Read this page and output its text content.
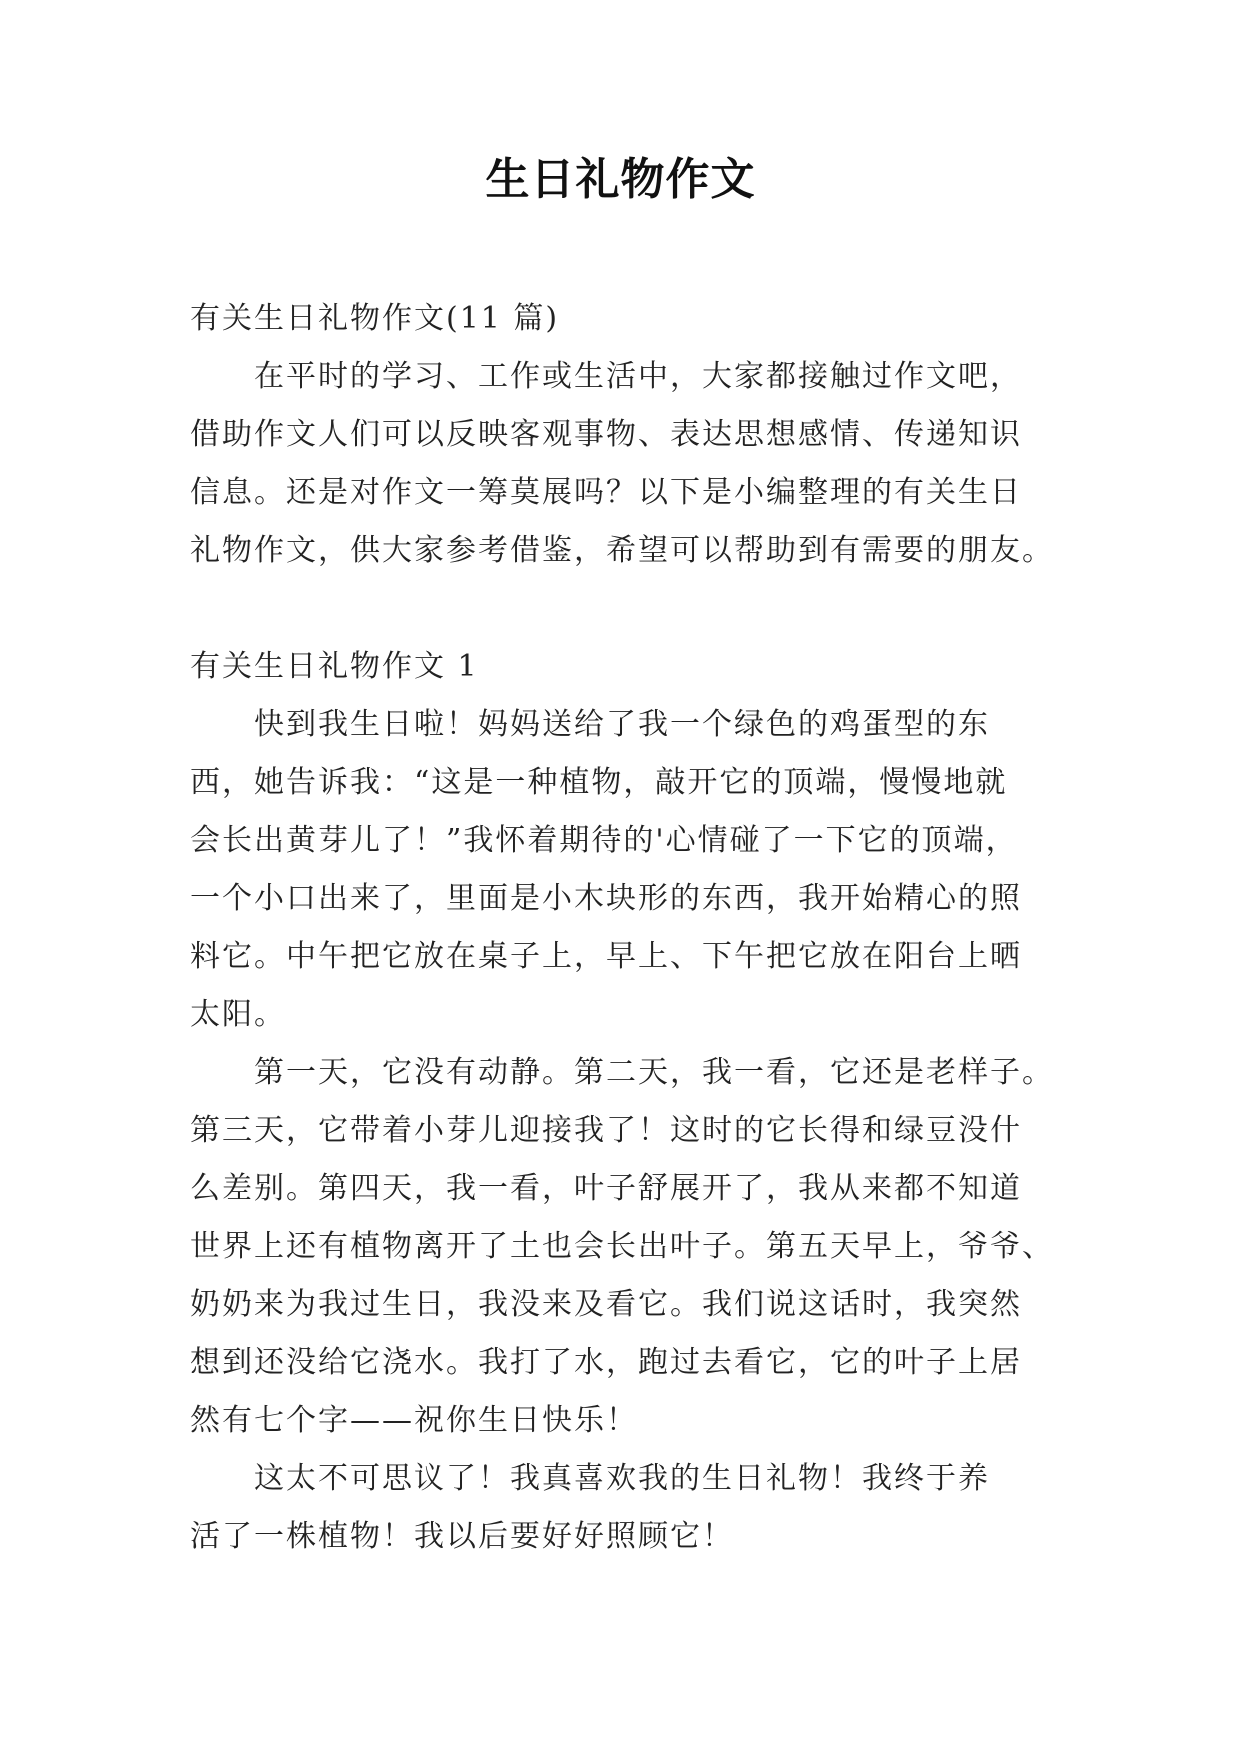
生日礼物作文
有关生日礼物作文(11 篇)
　　在平时的学习、工作或生活中，大家都接触过作文吧，
借助作文人们可以反映客观事物、表达思想感情、传递知识
信息。还是对作文一筹莫展吗？以下是小编整理的有关生日
礼物作文，供大家参考借鉴，希望可以帮助到有需要的朋友。
有关生日礼物作文 1
　　快到我生日啦！妈妈送给了我一个绿色的鸡蛋型的东
西，她告诉我：“这是一种植物，敲开它的顶端，慢慢地就
会长出黄芽儿了！”我怀着期待的'心情碰了一下它的顶端，
一个小口出来了，里面是小木块形的东西，我开始精心的照
料它。中午把它放在桌子上，早上、下午把它放在阳台上晒
太阳。
　　第一天，它没有动静。第二天，我一看，它还是老样子。
第三天，它带着小芽儿迎接我了！这时的它长得和绿豆没什
么差别。第四天，我一看，叶子舒展开了，我从来都不知道
世界上还有植物离开了土也会长出叶子。第五天早上，爷爷、
奶奶来为我过生日，我没来及看它。我们说这话时，我突然
想到还没给它浇水。我打了水，跑过去看它，它的叶子上居
然有七个字——祝你生日快乐！
　　这太不可思议了！我真喜欢我的生日礼物！我终于养
活了一株植物！我以后要好好照顾它！
